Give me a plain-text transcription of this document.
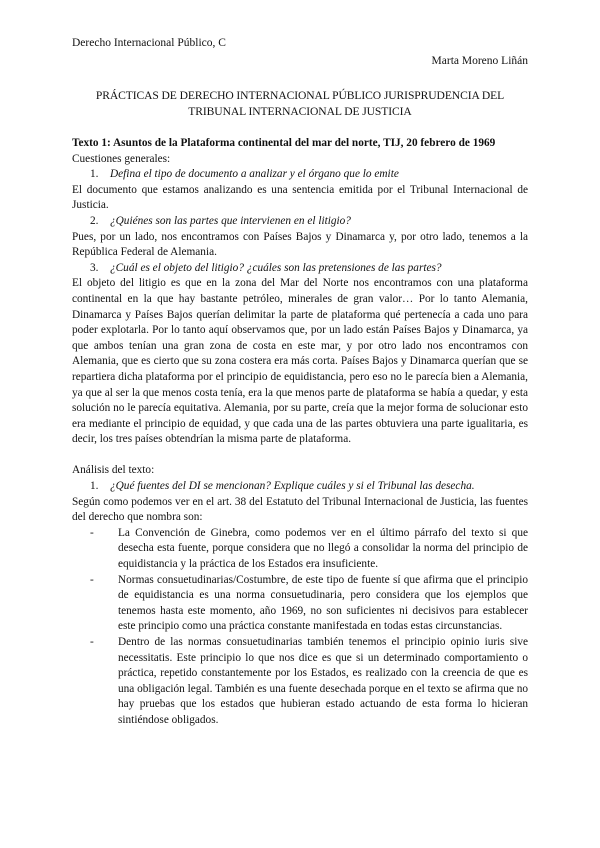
Derecho Internacional Público, C
Marta Moreno Liñán
PRÁCTICAS DE DERECHO INTERNACIONAL PÚBLICO JURISPRUDENCIA DEL
TRIBUNAL INTERNACIONAL DE JUSTICIA

Texto 1: Asuntos de la Plataforma continental del mar del norte, TIJ, 20 febrero de 1969

Cuestiones generales:

1. Defina el tipo de documento a analizar y el órgano que lo emite

El documento que estamos analizando es una sentencia emitida por el Tribunal Internacional de Justicia.

2. ¿Quiénes son las partes que intervienen en el litigio?

Pues, por un lado, nos encontramos con Países Bajos y Dinamarca y, por otro lado, tenemos a la República Federal de Alemania.

3. ¿Cuál es el objeto del litigio? ¿cuáles son las pretensiones de las partes?

El objeto del litigio es que en la zona del Mar del Norte nos encontramos con una plataforma continental en la que hay bastante petróleo, minerales de gran valor… Por lo tanto Alemania, Dinamarca y Países Bajos querían delimitar la parte de plataforma qué pertenecía a cada uno para poder explotarla. Por lo tanto aquí observamos que, por un lado están Países Bajos y Dinamarca, ya que ambos tenían una gran zona de costa en este mar, y por otro lado nos encontramos con Alemania, que es cierto que su zona costera era más corta. Países Bajos y Dinamarca querían que se repartiera dicha plataforma por el principio de equidistancia, pero eso no le parecía bien a Alemania, ya que al ser la que menos costa tenía, era la que menos parte de plataforma se había a quedar, y esta solución no le parecía equitativa. Alemania, por su parte, creía que la mejor forma de solucionar esto era mediante el principio de equidad, y que cada una de las partes obtuviera una parte igualitaria, es decir, los tres países obtendrían la misma parte de plataforma.

Análisis del texto:

1. ¿Qué fuentes del DI se mencionan? Explique cuáles y si el Tribunal las desecha.

Según como podemos ver en el art. 38 del Estatuto del Tribunal Internacional de Justicia, las fuentes del derecho que nombra son:

- La Convención de Ginebra, como podemos ver en el último párrafo del texto si que desecha esta fuente, porque considera que no llegó a consolidar la norma del principio de equidistancia y la práctica de los Estados era insuficiente.
- Normas consuetudinarias/Costumbre, de este tipo de fuente sí que afirma que el principio de equidistancia es una norma consuetudinaria, pero considera que los ejemplos que tenemos hasta este momento, año 1969, no son suficientes ni decisivos para establecer este principio como una práctica constante manifestada en todas estas circunstancias.
- Dentro de las normas consuetudinarias también tenemos el principio opinio iuris sive necessitatis. Este principio lo que nos dice es que si un determinado comportamiento o práctica, repetido constantemente por los Estados, es realizado con la creencia de que es una obligación legal. También es una fuente desechada porque en el texto se afirma que no hay pruebas que los estados que hubieran estado actuando de esta forma lo hicieran sintiéndose obligados.
